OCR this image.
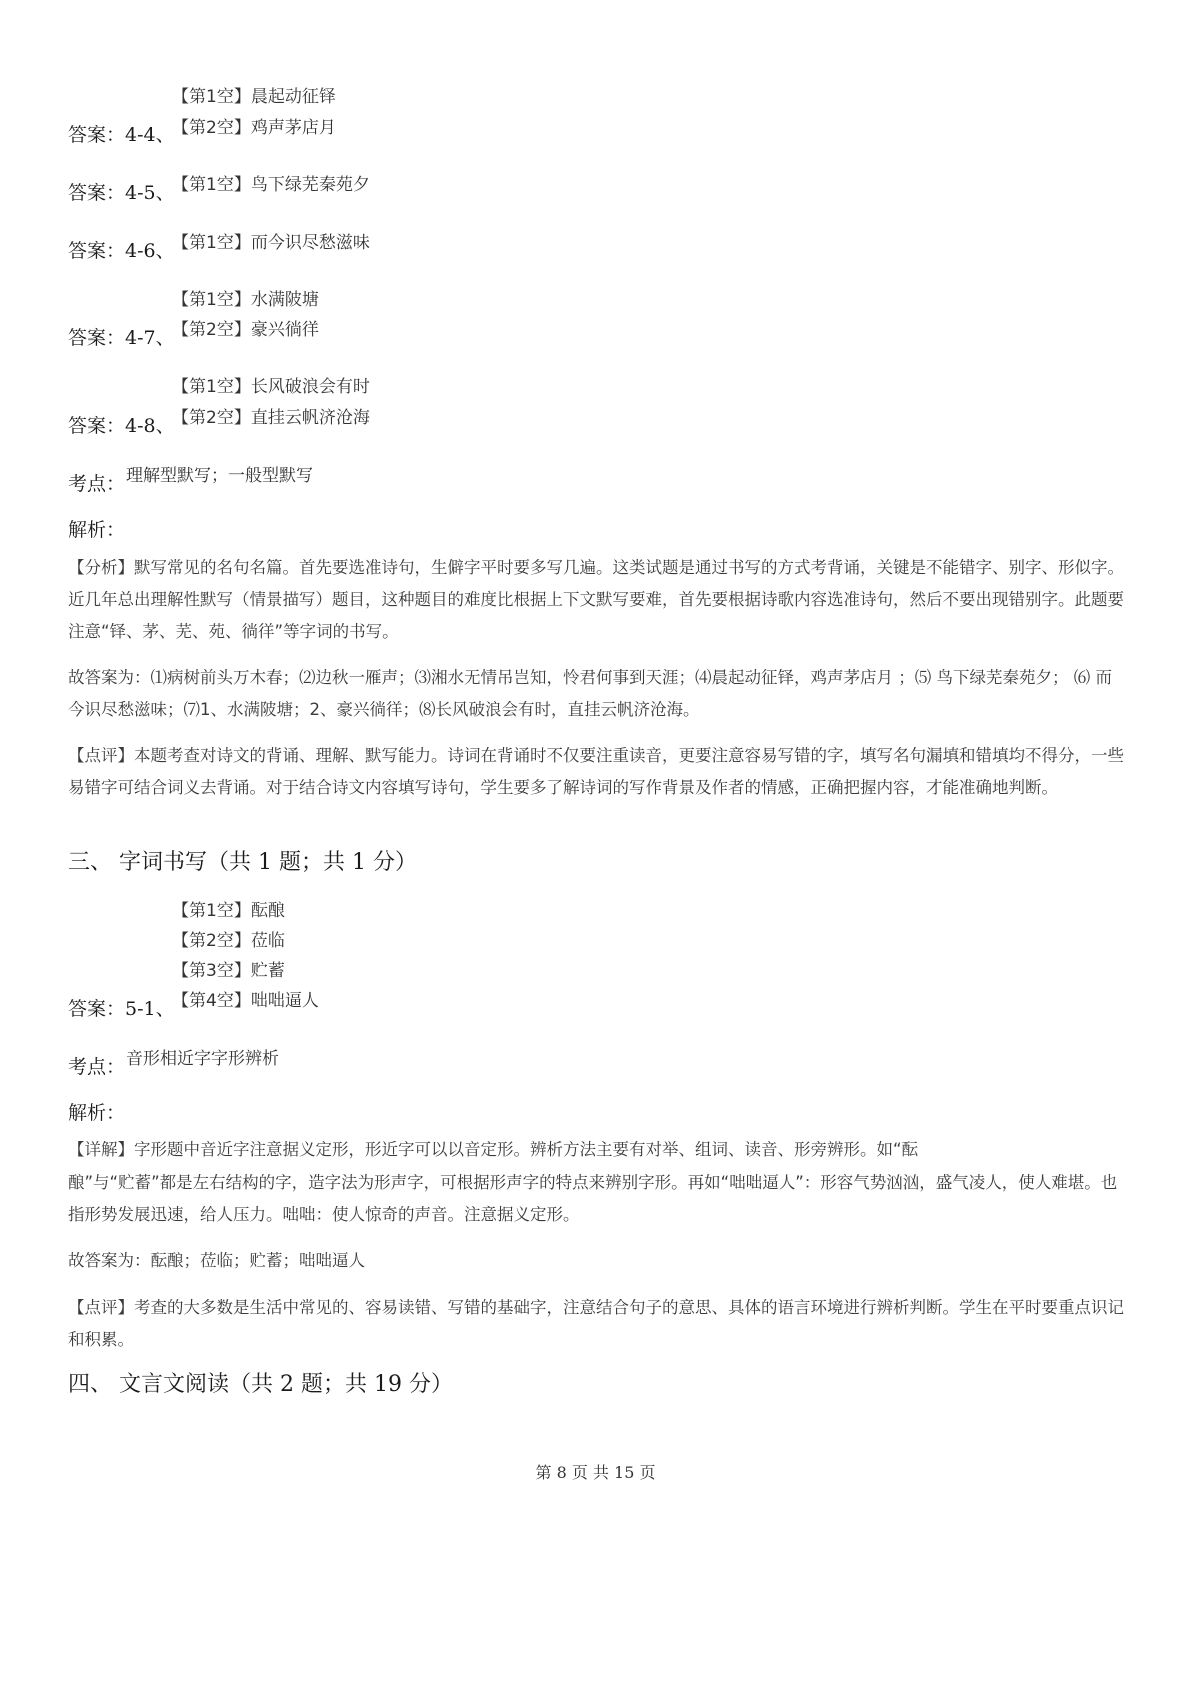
【第1空】晨起动征铎
【第2空】鸡声茅店月
答案：4-4、
【第1空】鸟下绿芜秦苑夕
答案：4-5、
【第1空】而今识尽愁滋味
答案：4-6、
【第1空】水满陂塘
【第2空】豪兴徜徉
答案：4-7、
【第1空】长风破浪会有时
【第2空】直挂云帆济沧海
答案：4-8、
考点： 理解型默写；一般型默写
解析：
【分析】默写常见的名句名篇。首先要选准诗句，生僻字平时要多写几遍。这类试题是通过书写的方式考背诵，关键是不能错字、别字、形似字。近几年总出理解性默写（情景描写）题目，这种题目的难度比根据上下文默写要难，首先要根据诗歌内容选准诗句，然后不要出现错别字。此题要注意“铎、茅、芜、苑、徜徉”等字词的书写。
故答案为：⑴病树前头万木春；⑵边秋一雁声；⑶湘水无情吊岂知，怜君何事到天涯；⑷晨起动征铎，鸡声茅店月 ；⑸ 鸟下绿芜秦苑夕； ⑹ 而今识尽愁滋味；⑺1、水满陂塘；2、豪兴徜徉；⑻长风破浪会有时，直挂云帆济沧海。
【点评】本题考查对诗文的背诵、理解、默写能力。诗词在背诵时不仅要注重读音，更要注意容易写错的字，填写名句漏填和错填均不得分，一些易错字可结合词义去背诵。对于结合诗文内容填写诗句，学生要多了解诗词的写作背景及作者的情感，正确把握内容，才能准确地判断。
三、 字词书写（共 1 题；共 1 分）
【第1空】酝酿
【第2空】莅临
【第3空】贮蓄
【第4空】咄咄逼人
答案：5-1、
考点： 音形相近字字形辨析
解析：
【详解】字形题中音近字注意据义定形，形近字可以以音定形。辨析方法主要有对举、组词、读音、形旁辨形。如“酝
酿”与“贮蓄”都是左右结构的字，造字法为形声字，可根据形声字的特点来辨别字形。再如“咄咄逼人”：形容气势汹汹，盛气凌人，使人难堪。也指形势发展迅速，给人压力。咄咄：使人惊奇的声音。注意据义定形。
故答案为：酝酿；莅临；贮蓄；咄咄逼人
【点评】考查的大多数是生活中常见的、容易读错、写错的基础字，注意结合句子的意思、具体的语言环境进行辨析判断。学生在平时要重点识记和积累。
四、 文言文阅读（共 2 题；共 19 分）
第 8 页 共 15 页
